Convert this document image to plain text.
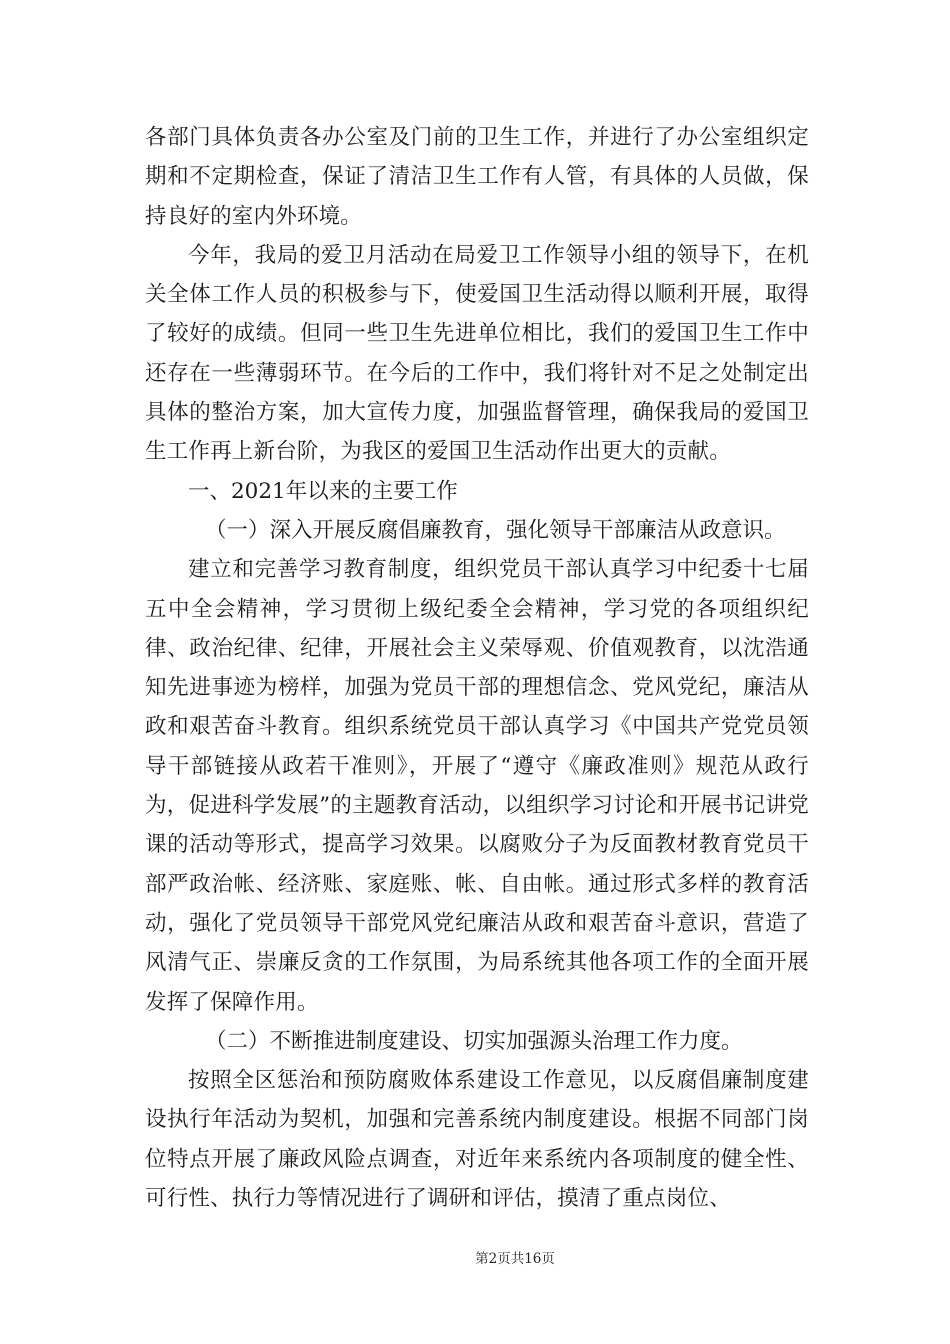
各部门具体负责各办公室及门前的卫生工作，并进行了办公室组织定期和不定期检查，保证了清洁卫生工作有人管，有具体的人员做，保持良好的室内外环境。

今年，我局的爱卫月活动在局爱卫工作领导小组的领导下，在机关全体工作人员的积极参与下，使爱国卫生活动得以顺利开展，取得了较好的成绩。但同一些卫生先进单位相比，我们的爱国卫生工作中还存在一些薄弱环节。在今后的工作中，我们将针对不足之处制定出具体的整治方案，加大宣传力度，加强监督管理，确保我局的爱国卫生工作再上新台阶，为我区的爱国卫生活动作出更大的贡献。

一、2021年以来的主要工作

（一）深入开展反腐倡廉教育，强化领导干部廉洁从政意识。

建立和完善学习教育制度，组织党员干部认真学习中纪委十七届五中全会精神，学习贯彻上级纪委全会精神，学习党的各项组织纪律、政治纪律、纪律，开展社会主义荣辱观、价值观教育，以沈浩通知先进事迹为榜样，加强为党员干部的理想信念、党风党纪，廉洁从政和艰苦奋斗教育。组织系统党员干部认真学习《中国共产党党员领导干部链接从政若干准则》，开展了“遵守《廉政准则》规范从政行为，促进科学发展”的主题教育活动，以组织学习讨论和开展书记讲党课的活动等形式，提高学习效果。以腐败分子为反面教材教育党员干部严政治帐、经济账、家庭账、帐、自由帐。通过形式多样的教育活动，强化了党员领导干部党风党纪廉洁从政和艰苦奋斗意识，营造了风清气正、崇廉反贪的工作氛围，为局系统其他各项工作的全面开展发挥了保障作用。

（二）不断推进制度建设、切实加强源头治理工作力度。

按照全区惩治和预防腐败体系建设工作意见，以反腐倡廉制度建设执行年活动为契机，加强和完善系统内制度建设。根据不同部门岗位特点开展了廉政风险点调查，对近年来系统内各项制度的健全性、可行性、执行力等情况进行了调研和评估，摸清了重点岗位、

第2页共16页
